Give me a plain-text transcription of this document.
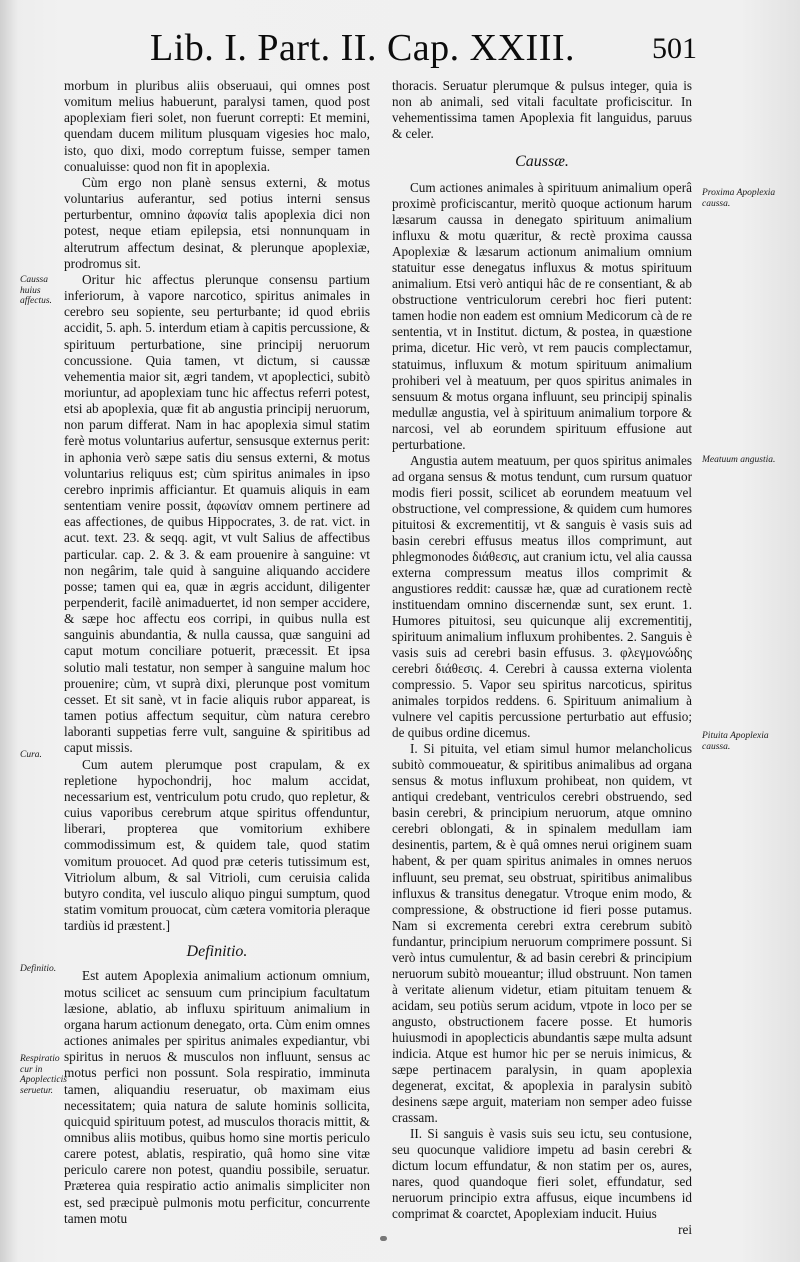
Lib. I. Part. II. Cap. XXIII.	501

morbum in pluribus aliis obseruaui, qui omnes post vomitum melius habuerunt, paralysi tamen, quod post apoplexiam fieri solet, non fuerunt correpti: Et memini, quendam ducem militum plusquam vigesies hoc malo, isto, quo dixi, modo correptum fuisse, semper tamen conualuisse: quod non fit in apoplexia.

Cùm ergo non planè sensus externi, & motus voluntarius auferantur, sed potius interni sensus perturbentur, omnino ἀφωνία talis apoplexia dici non potest, neque etiam epilepsia, etsi nonnunquam in alterutrum affectum desinat, & plerunque apoplexiæ, prodromus sit.

Oritur hic affectus plerunque consensu partium inferiorum, à vapore narcotico, spiritus animales in cerebro seu sopiente, seu perturbante; id quod ebriis accidit, 5. aph. 5. interdum etiam à capitis percussione, & spirituum perturbatione, sine principij neruorum concussione. Quia tamen, vt dictum, si caussæ vehementia maior sit, ægri tandem, vt apoplectici, subitò moriuntur, ad apoplexiam tunc hic affectus referri potest, etsi ab apoplexia, quæ fit ab angustia principij neruorum, non parum differat. Nam in hac apoplexia simul statim ferè motus voluntarius aufertur, sensusque externus perit: in aphonia verò sæpe satis diu sensus externi, & motus voluntarius reliquus est; cùm spiritus animales in ipso cerebro inprimis afficiantur. Et quamuis aliquis in eam sententiam venire possit, ἀφωνίαν omnem pertinere ad eas affectiones, de quibus Hippocrates, 3. de rat. vict. in acut. text. 23. & seqq. agit, vt vult Salius de affectibus particular. cap. 2. & 3. & eam prouenire à sanguine: vt non negârim, tale quid à sanguine aliquando accidere posse; tamen qui ea, quæ in ægris accidunt, diligenter perpenderit, facilè animaduertet, id non semper accidere, & sæpe hoc affectu eos corripi, in quibus nulla est sanguinis abundantia, & nulla caussa, quæ sanguini ad caput motum conciliare potuerit, præcessit. Et ipsa solutio mali testatur, non semper à sanguine malum hoc prouenire; cùm, vt suprà dixi, plerunque post vomitum cesset. Et sit sanè, vt in facie aliquis rubor appareat, is tamen potius affectum sequitur, cùm natura cerebro laboranti suppetias ferre vult, sanguine & spiritibus ad caput missis.

Cum autem plerumque post crapulam, & ex repletione hypochondrij, hoc malum accidat, necessarium est, ventriculum potu crudo, quo repletur, & cuius vaporibus cerebrum atque spiritus offenduntur, liberari, propterea que vomitorium exhibere commodissimum est, & quidem tale, quod statim vomitum prouocet. Ad quod præ ceteris tutissimum est, Vitriolum album, & sal Vitrioli, cum ceruisia calida butyro condita, vel iusculo aliquo pingui sumptum, quod statim vomitum prouocat, cùm cætera vomitoria pleraque tardiùs id præstent.]

Definitio.

Est autem Apoplexia animalium actionum omnium, motus scilicet ac sensuum cum principium facultatum læsione, ablatio, ab influxu spirituum animalium in organa harum actionum denegato, orta. Cùm enim omnes actiones animales per spiritus animales expediantur, vbi spiritus in neruos & musculos non influunt, sensus ac motus perfici non possunt. Sola respiratio, imminuta tamen, aliquandiu reseruatur, ob maximam eius necessitatem; quia natura de salute hominis sollicita, quicquid spirituum potest, ad musculos thoracis mittit, & omnibus aliis motibus, quibus homo sine mortis periculo carere potest, ablatis, respiratio, quâ homo sine vitæ periculo carere non potest, quandiu possibile, seruatur. Præterea quia respiratio actio animalis simpliciter non est, sed præcipuè pulmonis motu perficitur, concurrente tamen motu

thoracis. Seruatur plerumque & pulsus integer, quia is non ab animali, sed vitali facultate proficiscitur. In vehementissima tamen Apoplexia fit languidus, paruus & celer.

Caussæ.

Cum actiones animales à spirituum animalium operâ proximè proficiscantur, meritò quoque actionum harum læsarum caussa in denegato spirituum animalium influxu & motu quæritur, & rectè proxima caussa Apoplexiæ & læsarum actionum animalium omnium statuitur esse denegatus influxus & motus spirituum animalium. Etsi verò antiqui hâc de re consentiant, & ab obstructione ventriculorum cerebri hoc fieri putent: tamen hodie non eadem est omnium Medicorum cà de re sententia, vt in Institut. dictum, & postea, in quæstione prima, dicetur. Hic verò, vt rem paucis complectamur, statuimus, influxum & motum spirituum animalium prohiberi vel à meatuum, per quos spiritus animales in sensuum & motus organa influunt, seu principij spinalis medullæ angustia, vel à spirituum animalium torpore & narcosi, vel ab eorundem spirituum effusione aut perturbatione.

Angustia autem meatuum, per quos spiritus animales ad organa sensus & motus tendunt, cum rursum quatuor modis fieri possit, scilicet ab eorundem meatuum vel obstructione, vel compressione, & quidem cum humores pituitosi & excrementitij, vt & sanguis è vasis suis ad basin cerebri effusus meatus illos comprimunt, aut phlegmonodes διάθεσις, aut cranium ictu, vel alia caussa externa compressum meatus illos comprimit & angustiores reddit: caussæ hæ, quæ ad curationem rectè instituendam omnino discernendæ sunt, sex erunt. 1. Humores pituitosi, seu quicunque alij excrementitij, spirituum animalium influxum prohibentes. 2. Sanguis è vasis suis ad cerebri basin effusus. 3. φλεγμονώδης cerebri διάθεσις. 4. Cerebri à caussa externa violenta compressio. 5. Vapor seu spiritus narcoticus, spiritus animales torpidos reddens. 6. Spirituum animalium à vulnere vel capitis percussione perturbatio aut effusio; de quibus ordine dicemus.

I. Si pituita, vel etiam simul humor melancholicus subitò commoueatur, & spiritibus animalibus ad organa sensus & motus influxum prohibeat, non quidem, vt antiqui credebant, ventriculos cerebri obstruendo, sed basin cerebri, & principium neruorum, atque omnino cerebri oblongati, & in spinalem medullam iam desinentis, partem, & è quâ omnes nerui originem suam habent, & per quam spiritus animales in omnes neruos influunt, seu premat, seu obstruat, spiritibus animalibus influxus & transitus denegatur. Vtroque enim modo, & compressione, & obstructione id fieri posse putamus. Nam si excrementa cerebri extra cerebrum subitò fundantur, principium neruorum comprimere possunt. Si verò intus cumulentur, & ad basin cerebri & principium neruorum subitò moueantur; illud obstruunt. Non tamen à veritate alienum videtur, etiam pituitam tenuem & acidam, seu potiùs serum acidum, vtpote in loco per se angusto, obstructionem facere posse. Et humoris huiusmodi in apoplecticis abundantis sæpe multa adsunt indicia. Atque est humor hic per se neruis inimicus, & sæpe pertinacem paralysin, in quam apoplexia degenerat, excitat, & apoplexia in paralysin subitò desinens sæpe arguit, materiam non semper adeo fuisse crassam.

II. Si sanguis è vasis suis seu ictu, seu contusione, seu quocunque validiore impetu ad basin cerebri & dictum locum effundatur, & non statim per os, aures, nares, quod quandoque fieri solet, effundatur, sed neruorum principio extra affusus, eique incumbens id comprimat & coarctet, Apoplexiam inducit. Huius

rei

Caussa huius affectus.
Cura.
Definitio.
Respiratio cur in Apoplecticis seruetur.
Proxima Apoplexia caussa.
Meatuum angustia.
Pituita Apoplexia caussa.
